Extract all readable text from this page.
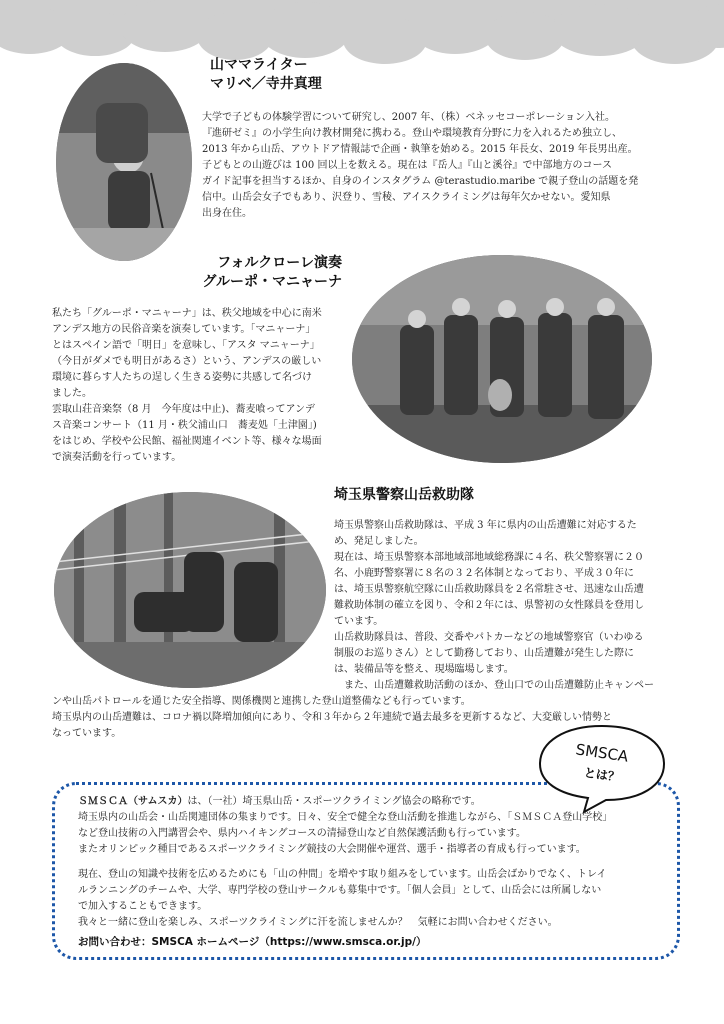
山ママライター
マリベ／寺井真理

大学で子どもの体験学習について研究し、2007 年、（株）ベネッセコーポレーション入社。

『進研ゼミ』の小学生向け教材開発に携わる。登山や環境教育分野に力を入れるため独立し、

2013 年から山岳、アウトドア情報誌で企画・執筆を始める。2015 年長女、2019 年長男出産。

子どもとの山遊びは 100 回以上を数える。現在は『岳人』『山と溪谷』で中部地方のコース

ガイド記事を担当するほか、自身のインスタグラム @terastudio.maribe で親子登山の話題を発

信中。山岳会女子でもあり、沢登り、雪稜、アイスクライミングは毎年欠かせない。愛知県

出身在住。

フォルクローレ演奏
グルーポ・マニャーナ

私たち「グルーポ・マニャーナ」は、秩父地域を中心に南米

アンデス地方の民俗音楽を演奏しています。「マニャーナ」

とはスペイン語で「明日」を意味し、「アスタ マニャーナ」

（今日がダメでも明日があるさ）という、アンデスの厳しい

環境に暮らす人たちの逞しく生きる姿勢に共感して名づけ

ました。

雲取山荘音楽祭（8 月　今年度は中止)、蕎麦喰ってアンデ

ス音楽コンサート（11 月・秩父浦山口　蕎麦処「土津園」)

をはじめ、学校や公民館、福祉関連イベント等、様々な場面

で演奏活動を行っています。

埼玉県警察山岳救助隊

埼玉県警察山岳救助隊は、平成 3 年に県内の山岳遭難に対応するた

め、発足しました。

現在は、埼玉県警察本部地域部地域総務課に４名、秩父警察署に２０

名、小鹿野警察署に８名の３２名体制となっており、平成３０年に

は、埼玉県警察航空隊に山岳救助隊員を２名常駐させ、迅速な山岳遭

難救助体制の確立を図り、令和２年には、県警初の女性隊員を登用し

ています。

山岳救助隊員は、普段、交番やパトカーなどの地域警察官（いわゆる

制服のお巡りさん）として勤務しており、山岳遭難が発生した際に

は、装備品等を整え、現場臨場します。

　また、山岳遭難救助活動のほか、登山口での山岳遭難防止キャンペー

ンや山岳パトロールを通じた安全指導、関係機関と連携した登山道整備なども行っています。

埼玉県内の山岳遭難は、コロナ禍以降増加傾向にあり、令和３年から２年連続で過去最多を更新するなど、大変厳しい情勢と

なっています。

SMSCA

とは？

ＳＭＳＣＡ（サムスカ）は、（一社）埼玉県山岳・スポーツクライミング協会の略称です。

埼玉県内の山岳会・山岳関連団体の集まりです。日々、安全で健全な登山活動を推進しながら、「ＳＭＳＣＡ登山学校」

など登山技術の入門講習会や、県内ハイキングコースの清掃登山など自然保護活動も行っています。

またオリンピック種目であるスポーツクライミング競技の大会開催や運営、選手・指導者の育成も行っています。

現在、登山の知識や技術を広めるためにも「山の仲間」を増やす取り組みをしています。山岳会ばかりでなく、トレイ

ルランニングのチームや、大学、専門学校の登山サークルも募集中です。「個人会員」として、山岳会には所属しない

で加入することもできます。

我々と一緒に登山を楽しみ、スポーツクライミングに汗を流しませんか？　気軽にお問い合わせください。

お問い合わせ：SMSCA ホームページ（https://www.smsca.or.jp/）
